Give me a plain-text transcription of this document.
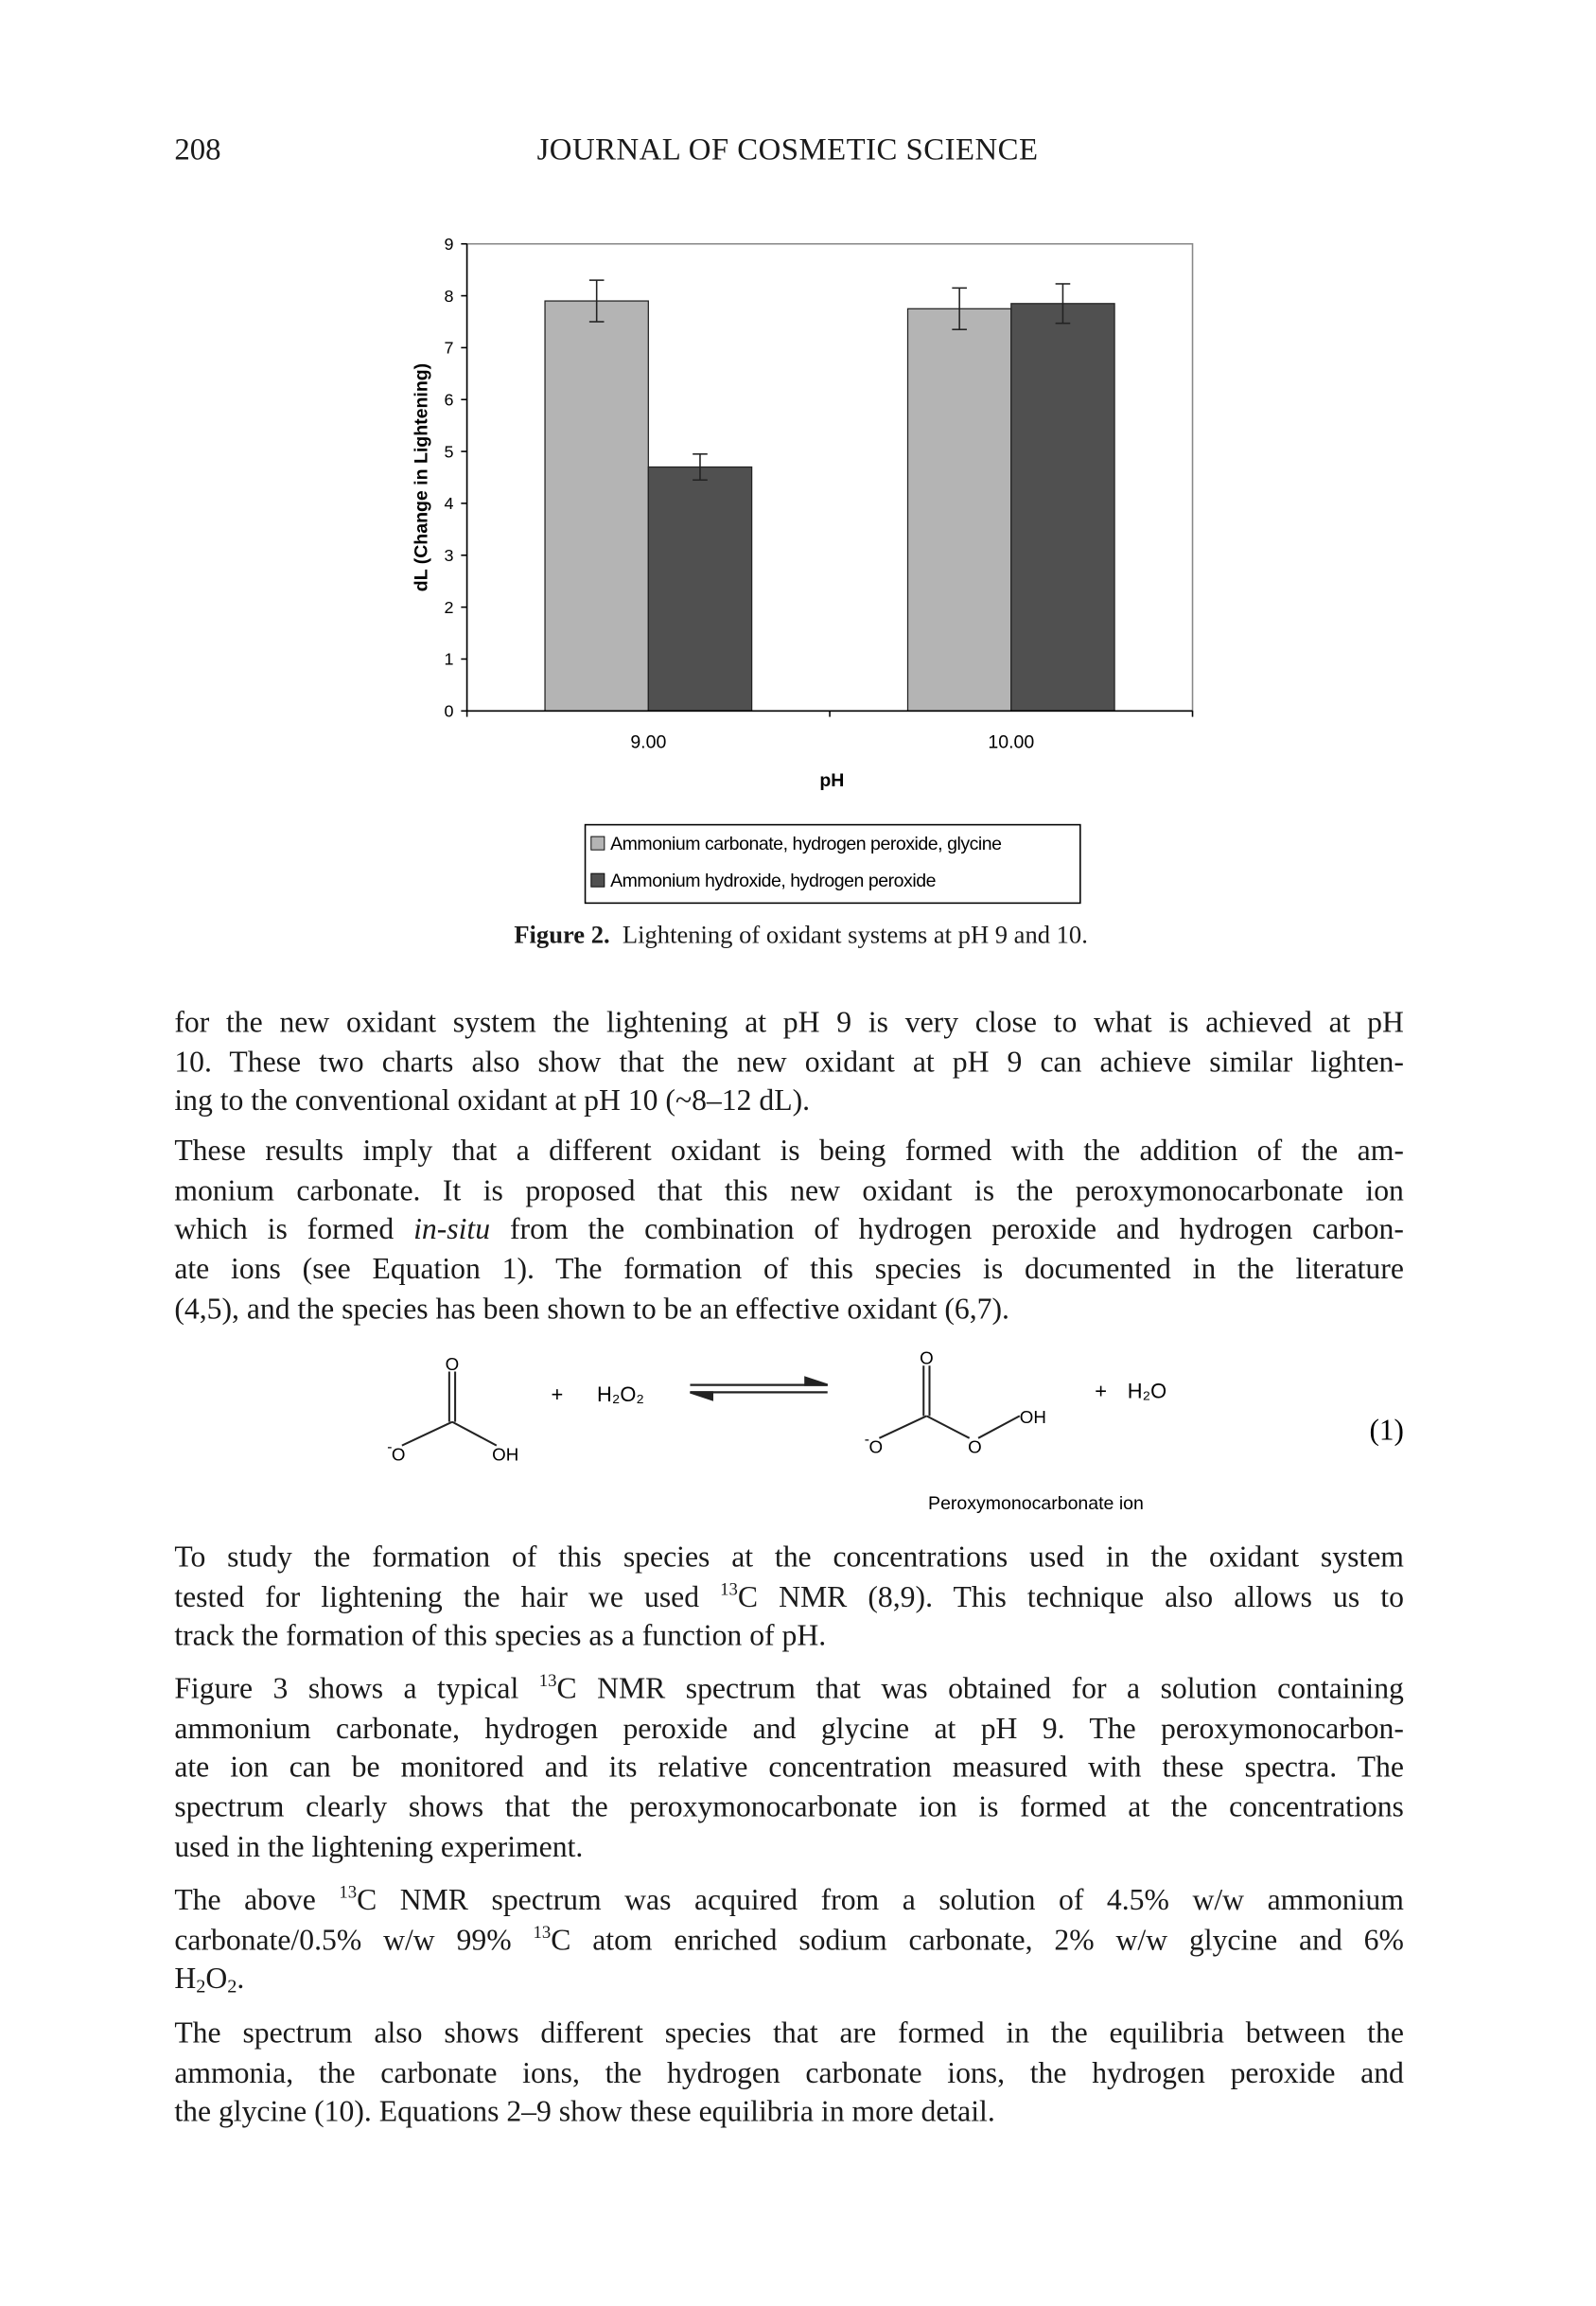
208	JOURNAL OF COSMETIC SCIENCE
0
1
2
3
4
5
6
7
8
9
9.00	10.00
dL (Change in Lightening)
pH
Ammonium carbonate, hydrogen peroxide, glycine
Ammonium hydroxide, hydrogen peroxide
Figure 2. Lightening of oxidant systems at pH 9 and 10.
for the new oxidant system the lightening at pH 9 is very close to what is achieved at pH
10. These two charts also show that the new oxidant at pH 9 can achieve similar lighten-
ing to the conventional oxidant at pH 10 (~8–12 dL).
These results imply that a different oxidant is being formed with the addition of the am-
monium carbonate. It is proposed that this new oxidant is the peroxymonocarbonate ion
which is formed in-situ from the combination of hydrogen peroxide and hydrogen carbon-
ate ions (see Equation 1). The formation of this species is documented in the literature
(4,5), and the species has been shown to be an effective oxidant (6,7).
O
- O	OH
+	H₂O₂
O
- O	O
OH
+ H₂O
(1)
Peroxymonocarbonate ion
To study the formation of this species at the concentrations used in the oxidant system
tested for lightening the hair we used $^{13}$C NMR (8,9). This technique also allows us to
track the formation of this species as a function of pH.
Figure 3 shows a typical $^{13}$C NMR spectrum that was obtained for a solution containing
ammonium carbonate, hydrogen peroxide and glycine at pH 9. The peroxymonocarbon-
ate ion can be monitored and its relative concentration measured with these spectra. The
spectrum clearly shows that the peroxymonocarbonate ion is formed at the concentrations
used in the lightening experiment.
The above $^{13}$C NMR spectrum was acquired from a solution of 4.5% w/w ammonium
carbonate/0.5% w/w 99% $^{13}$C atom enriched sodium carbonate, 2% w/w glycine and 6%
$H_2O_2$.
The spectrum also shows different species that are formed in the equilibria between the
ammonia, the carbonate ions, the hydrogen carbonate ions, the hydrogen peroxide and
the glycine (10). Equations 2–9 show these equilibria in more detail.
